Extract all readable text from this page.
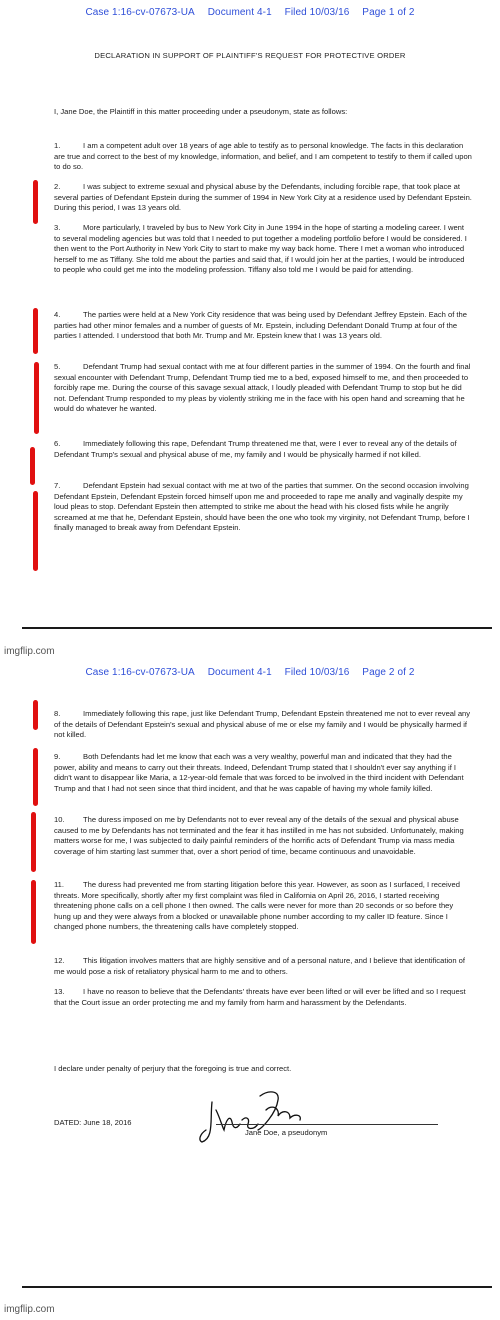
Case 1:16-cv-07673-UA Document 4-1 Filed 10/03/16 Page 1 of 2
DECLARATION IN SUPPORT OF PLAINTIFF'S REQUEST FOR PROTECTIVE ORDER
I, Jane Doe, the Plaintiff in this matter proceeding under a pseudonym, state as follows:
1.	I am a competent adult over 18 years of age able to testify as to personal knowledge. The facts in this declaration are true and correct to the best of my knowledge, information, and belief, and I am competent to testify to them if called upon to do so.
2.	I was subject to extreme sexual and physical abuse by the Defendants, including forcible rape, that took place at several parties of Defendant Epstein during the summer of 1994 in New York City at a residence used by Defendant Epstein. During this period, I was 13 years old.
3.	More particularly, I traveled by bus to New York City in June 1994 in the hope of starting a modeling career. I went to several modeling agencies but was told that I needed to put together a modeling portfolio before I would be considered. I then went to the Port Authority in New York City to start to make my way back home. There I met a woman who introduced herself to me as Tiffany. She told me about the parties and said that, if I would join her at the parties, I would be introduced to people who could get me into the modeling profession. Tiffany also told me I would be paid for attending.
4.	The parties were held at a New York City residence that was being used by Defendant Jeffrey Epstein. Each of the parties had other minor females and a number of guests of Mr. Epstein, including Defendant Donald Trump at four of the parties I attended. I understood that both Mr. Trump and Mr. Epstein knew that I was 13 years old.
5.	Defendant Trump had sexual contact with me at four different parties in the summer of 1994. On the fourth and final sexual encounter with Defendant Trump, Defendant Trump tied me to a bed, exposed himself to me, and then proceeded to forcibly rape me. During the course of this savage sexual attack, I loudly pleaded with Defendant Trump to stop but he did not. Defendant Trump responded to my pleas by violently striking me in the face with his open hand and screaming that he would do whatever he wanted.
6.	Immediately following this rape, Defendant Trump threatened me that, were I ever to reveal any of the details of Defendant Trump's sexual and physical abuse of me, my family and I would be physically harmed if not killed.
7.	Defendant Epstein had sexual contact with me at two of the parties that summer. On the second occasion involving Defendant Epstein, Defendant Epstein forced himself upon me and proceeded to rape me anally and vaginally despite my loud pleas to stop. Defendant Epstein then attempted to strike me about the head with his closed fists while he angrily screamed at me that he, Defendant Epstein, should have been the one who took my virginity, not Defendant Trump, before I finally managed to break away from Defendant Epstein.
imgflip.com
Case 1:16-cv-07673-UA Document 4-1 Filed 10/03/16 Page 2 of 2
8.	Immediately following this rape, just like Defendant Trump, Defendant Epstein threatened me not to ever reveal any of the details of Defendant Epstein's sexual and physical abuse of me or else my family and I would be physically harmed if not killed.
9.	Both Defendants had let me know that each was a very wealthy, powerful man and indicated that they had the power, ability and means to carry out their threats. Indeed, Defendant Trump stated that I shouldn't ever say anything if I didn't want to disappear like Maria, a 12-year-old female that was forced to be involved in the third incident with Defendant Trump and that I had not seen since that third incident, and that he was capable of having my whole family killed.
10. The duress imposed on me by Defendants not to ever reveal any of the details of the sexual and physical abuse caused to me by Defendants has not terminated and the fear it has instilled in me has not subsided. Unfortunately, making matters worse for me, I was subjected to daily painful reminders of the horrific acts of Defendant Trump via mass media coverage of him starting last summer that, over a short period of time, became continuous and unavoidable.
11.	The duress had prevented me from starting litigation before this year. However, as soon as I surfaced, I received threats. More specifically, shortly after my first complaint was filed in California on April 26, 2016, I started receiving threatening phone calls on a cell phone I then owned. The calls were never for more than 20 seconds or so before they hung up and they were always from a blocked or unavailable phone number according to my caller ID feature. Since I changed phone numbers, the threatening calls have completely stopped.
12. This litigation involves matters that are highly sensitive and of a personal nature, and I believe that identification of me would pose a risk of retaliatory physical harm to me and to others.
13. I have no reason to believe that the Defendants' threats have ever been lifted or will ever be lifted and so I request that the Court issue an order protecting me and my family from harm and harassment by the Defendants.
I declare under penalty of perjury that the foregoing is true and correct.
DATED: June 18, 2016
Jane Doe, a pseudonym
imgflip.com
